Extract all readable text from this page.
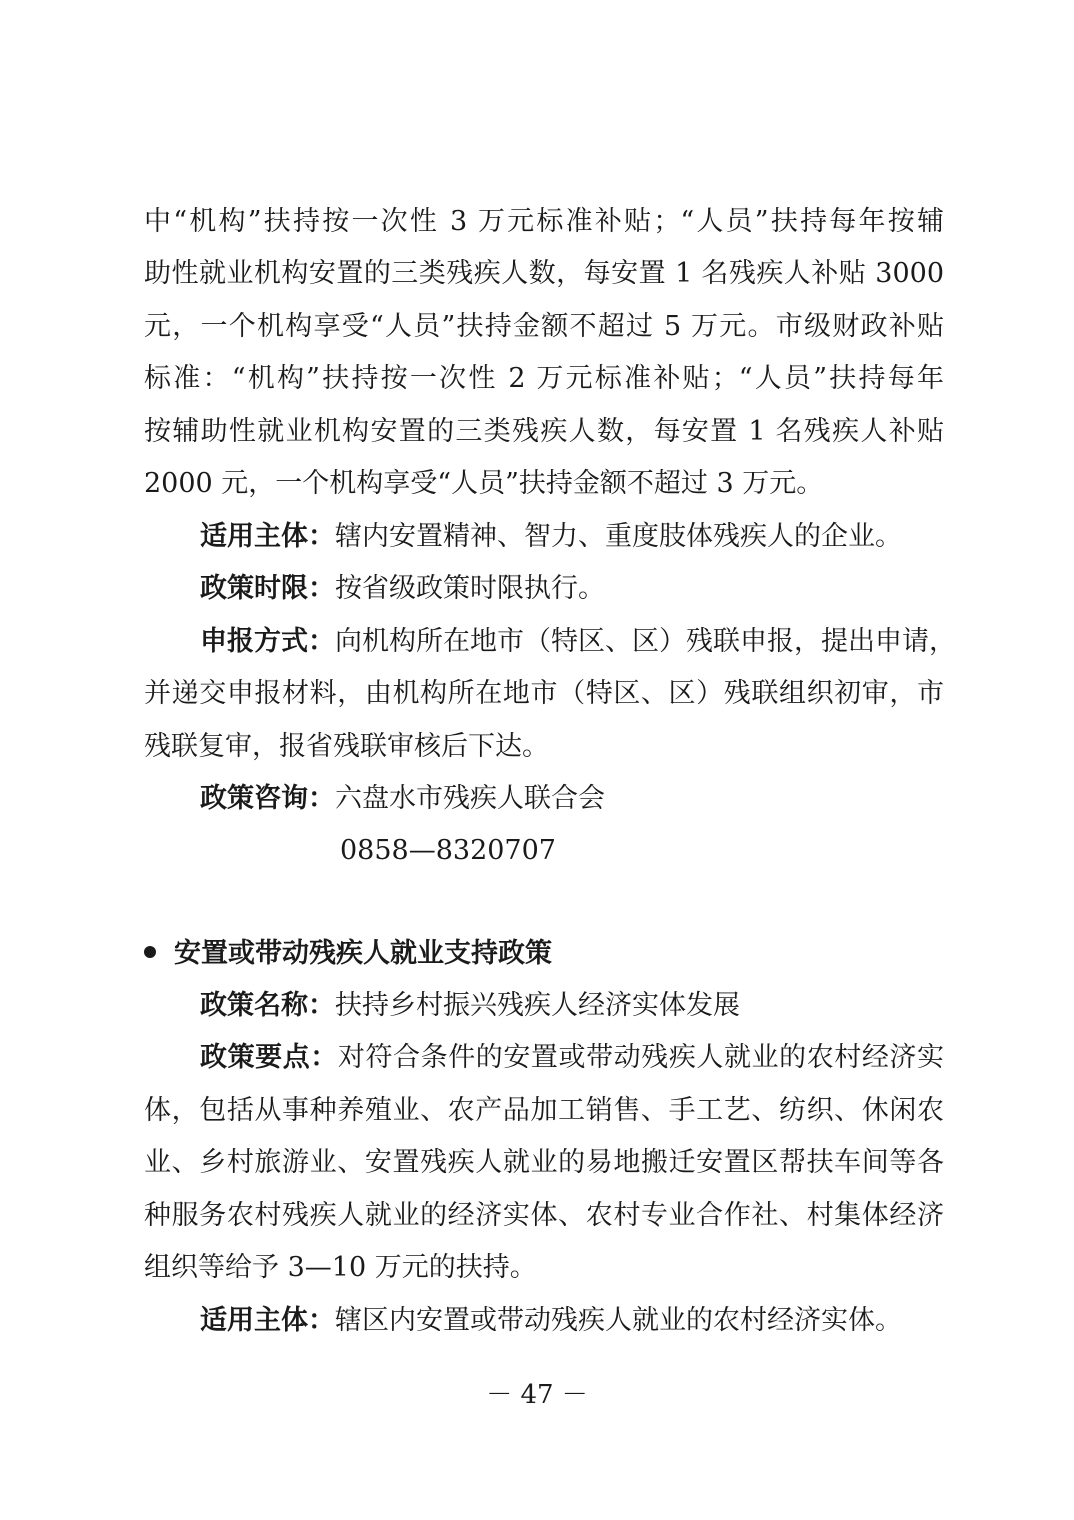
中“机构”扶持按一次性 3 万元标准补贴；“人员”扶持每年按辅
助性就业机构安置的三类残疾人数，每安置 1 名残疾人补贴 3000
元，一个机构享受“人员”扶持金额不超过 5 万元。市级财政补贴
标准：“机构”扶持按一次性 2 万元标准补贴；“人员”扶持每年
按辅助性就业机构安置的三类残疾人数，每安置 1 名残疾人补贴
2000 元，一个机构享受“人员”扶持金额不超过 3 万元。
适用主体：辖内安置精神、智力、重度肢体残疾人的企业。
政策时限：按省级政策时限执行。
申报方式：向机构所在地市（特区、区）残联申报，提出申请，
并递交申报材料，由机构所在地市（特区、区）残联组织初审，市
残联复审，报省残联审核后下达。
政策咨询：六盘水市残疾人联合会
0858—8320707
安置或带动残疾人就业支持政策
政策名称：扶持乡村振兴残疾人经济实体发展
政策要点：对符合条件的安置或带动残疾人就业的农村经济实
体，包括从事种养殖业、农产品加工销售、手工艺、纺织、休闲农
业、乡村旅游业、安置残疾人就业的易地搬迁安置区帮扶车间等各
种服务农村残疾人就业的经济实体、农村专业合作社、村集体经济
组织等给予 3—10 万元的扶持。
适用主体：辖区内安置或带动残疾人就业的农村经济实体。
－ 47 －
